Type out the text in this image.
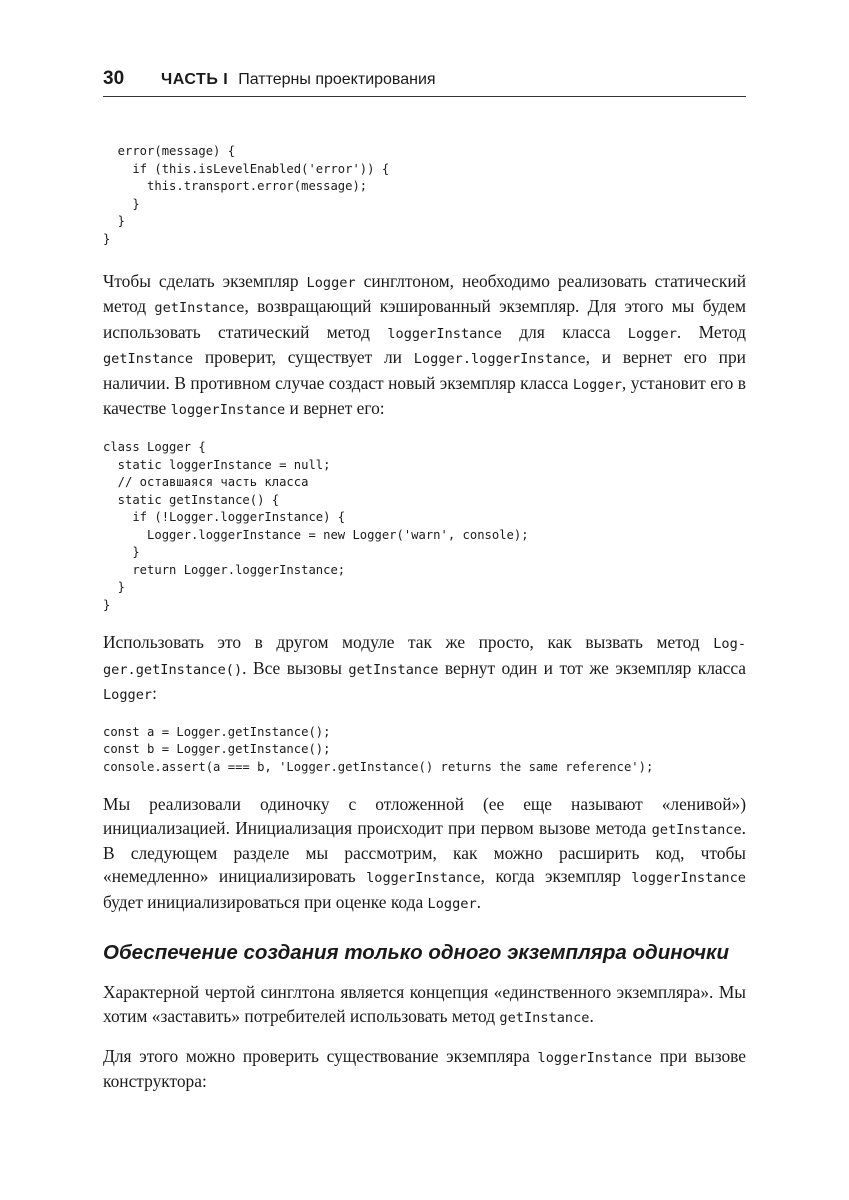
30	ЧАСТЬ I Паттерны проектирования
error(message) {
if (this.isLevelEnabled('error')) {
this.transport.error(message);
}
}
}

Чтобы сделать экземпляр Logger синглтоном, необходимо реализовать статический метод getInstance, возвращающий кэшированный экземпляр. Для этого мы будем использовать статический метод loggerInstance для класса Logger. Метод getInstance проверит, существует ли Logger.loggerInstance, и вернет его при наличии. В противном случае создаст новый экземпляр класса Logger, установит его в качестве loggerInstance и вернет его:

class Logger {
static loggerInstance = null;
// оставшаяся часть класса
static getInstance() {
if (!Logger.loggerInstance) {
Logger.loggerInstance = new Logger('warn', console);
}
return Logger.loggerInstance;
}
}

Использовать это в другом модуле так же просто, как вызвать метод Logger.getInstance(). Все вызовы getInstance вернут один и тот же экземпляр класса Logger:

const a = Logger.getInstance();
const b = Logger.getInstance();
console.assert(a === b, 'Logger.getInstance() returns the same reference');

Мы реализовали одиночку с отложенной (ее еще называют «ленивой») инициализацией. Инициализация происходит при первом вызове метода getInstance. В следующем разделе мы рассмотрим, как можно расширить код, чтобы «немедленно» инициализировать loggerInstance, когда экземпляр loggerInstance будет инициализироваться при оценке кода Logger.

Обеспечение создания только одного экземпляра одиночки

Характерной чертой синглтона является концепция «единственного экземпляра». Мы хотим «заставить» потребителей использовать метод getInstance.

Для этого можно проверить существование экземпляра loggerInstance при вызове конструктора:
